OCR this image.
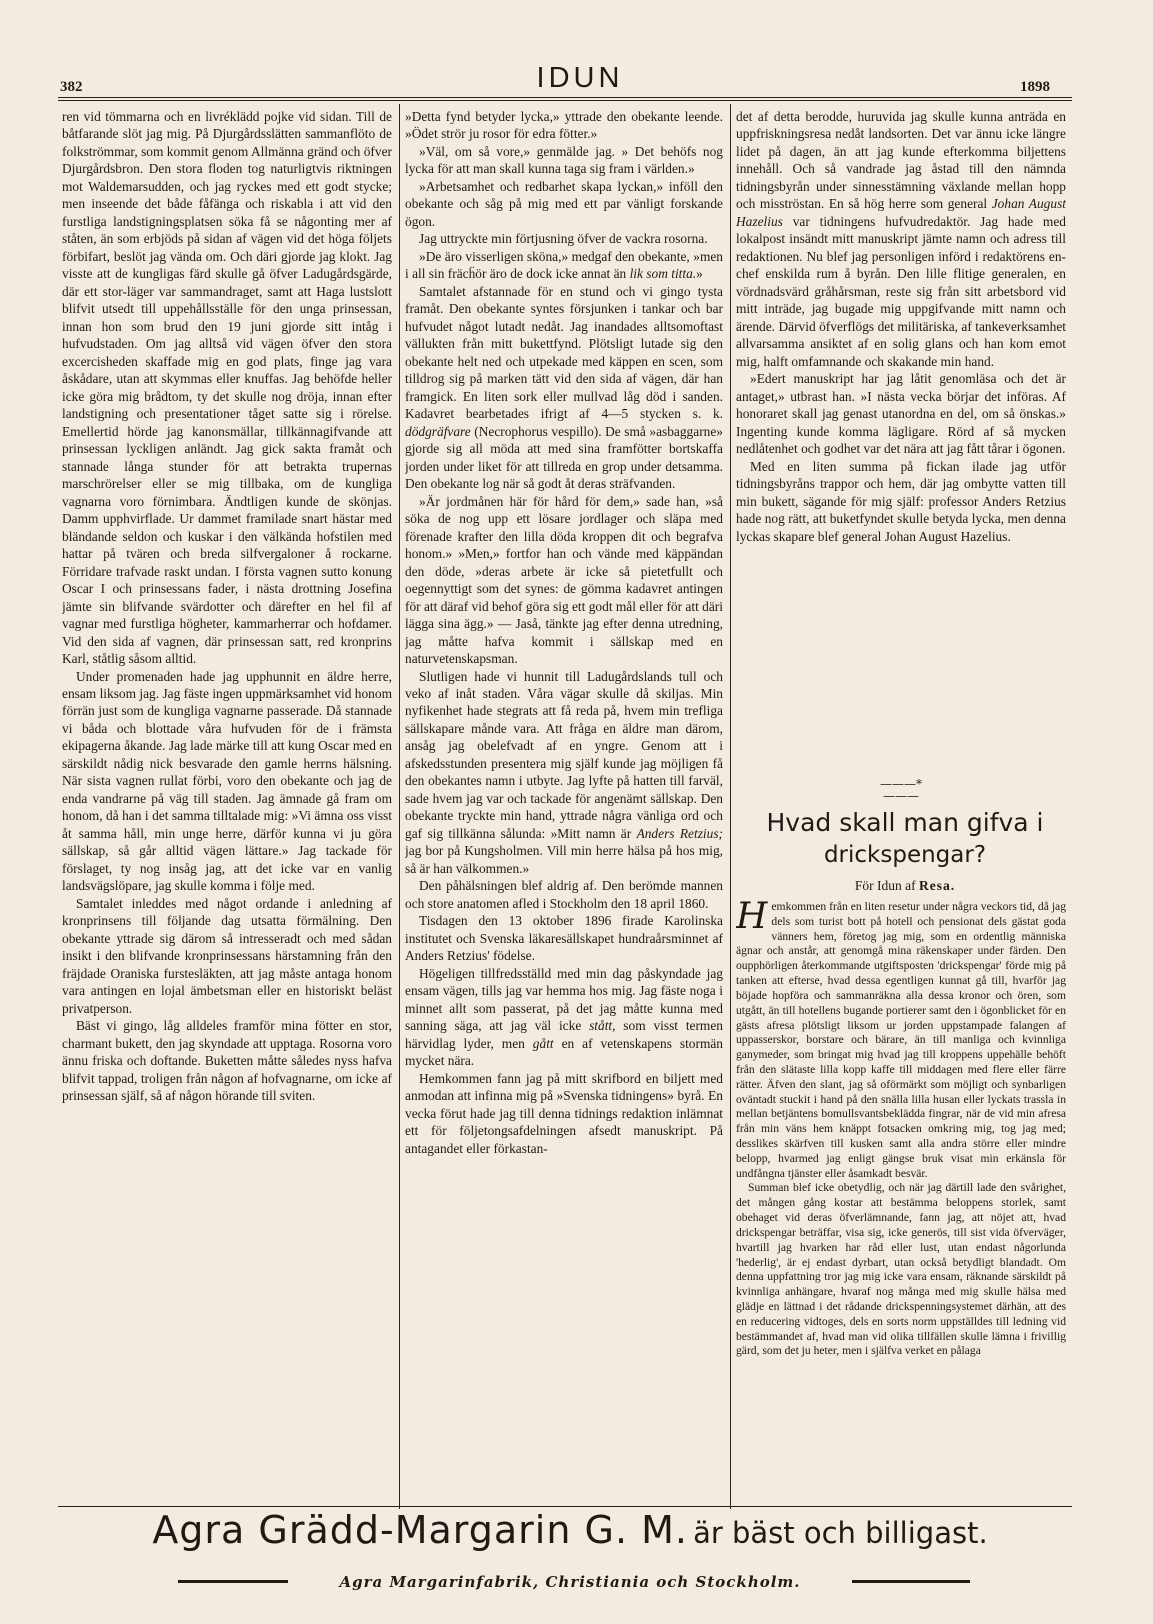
382	IDUN	1898

ren vid tömmarna och en livréklädd pojke vid sidan. Till de båtfarande slöt jag mig. På Djurgårdsslätten sammanflöto de folkströmmar, som kommit genom Allmänna gränd och öfver Djurgårdsbron. Den stora floden tog naturligtvis riktningen mot Waldemarsudden, och jag ryckes med ett godt stycke; men inseende det både fåfänga och riskabla i att vid den furstliga landstigningsplatsen söka få se någonting mer af ståten, än som erbjöds på sidan af vägen vid det höga följets förbifart, beslöt jag vända om. Och däri gjorde jag klokt. Jag visste att de kungligas färd skulle gå öfver Ladugårdsgärde, där ett stor-läger var sammandraget, samt att Haga lustslott blifvit utsedt till uppehållsställe för den unga prinsessan, innan hon som brud den 19 juni gjorde sitt intåg i hufvudstaden. Om jag alltså vid vägen öfver den stora excercisheden skaffade mig en god plats, finge jag vara åskådare, utan att skymmas eller knuffas. Jag behöfde heller icke göra mig brådtom, ty det skulle nog dröja, innan efter landstigning och presentationer tåget satte sig i rörelse. Emellertid hörde jag kanonsmällar, tillkännagifvande att prinsessan lyckligen anländt. Jag gick sakta framåt och stannade långa stunder för att betrakta trupernas marschrörelser eller se mig tillbaka, om de kungliga vagnarna voro förnimbara. Ändtligen kunde de skönjas. Damm upphvirflade. Ur dammet framilade snart hästar med bländande seldon och kuskar i den välkända hofstilen med hattar på tvären och breda silfvergaloner å rockarne. Förridare trafvade raskt undan. I första vagnen sutto konung Oscar I och prinsessans fader, i nästa drottning Josefina jämte sin blifvande svärdotter och därefter en hel fil af vagnar med furstliga högheter, kammarherrar och hofdamer. Vid den sida af vagnen, där prinsessan satt, red kronprins Karl, ståtlig såsom alltid.

Under promenaden hade jag upphunnit en äldre herre, ensam liksom jag. Jag fäste ingen uppmärksamhet vid honom förrän just som de kungliga vagnarne passerade. Då stannade vi båda och blottade våra hufvuden för de i främsta ekipagerna åkande. Jag lade märke till att kung Oscar med en särskildt nådig nick besvarade den gamle herrns hälsning. När sista vagnen rullat förbi, voro den obekante och jag de enda vandrarne på väg till staden. Jag ämnade gå fram om honom, då han i det samma tilltalade mig: »Vi ämna oss visst åt samma håll, min unge herre, därför kunna vi ju göra sällskap, så går alltid vägen lättare.» Jag tackade för förslaget, ty nog insåg jag, att det icke var en vanlig landsvägslöpare, jag skulle komma i följe med.

Samtalet inleddes med något ordande i anledning af kronprinsens till följande dag utsatta förmälning. Den obekante yttrade sig därom så intresseradt och med sådan insikt i den blifvande kronprinsessans härstamning från den fräjdade Oraniska furstesläkten, att jag måste antaga honom vara antingen en lojal ämbetsman eller en historiskt beläst privatperson.

Bäst vi gingo, låg alldeles framför mina fötter en stor, charmant bukett, den jag skyndade att upptaga. Rosorna voro ännu friska och doftande. Buketten måtte således nyss hafva blifvit tappad, troligen från någon af hofvagnarne, om icke af prinsessan själf, så af någon hörande till sviten.

»Detta fynd betyder lycka,» yttrade den obekante leende. »Ödet strör ju rosor för edra fötter.»

»Väl, om så vore,» genmälde jag. » Det behöfs nog lycka för att man skall kunna taga sig fram i världen.»

»Arbetsamhet och redbarhet skapa lyckan,» inföll den obekante och såg på mig med ett par vänligt forskande ögon.

Jag uttryckte min förtjusning öfver de vackra rosorna.

»De äro visserligen sköna,» medgaf den obekante, »men i all sin fräcḧör äro de dock icke annat än lik som titta.»

Samtalet afstannade för en stund och vi gingo tysta framåt. Den obekante syntes försjunken i tankar och bar hufvudet något lutadt nedåt. Jag inandades alltsomoftast vällukten från mitt bukettfynd. Plötsligt lutade sig den obekante helt ned och utpekade med käppen en scen, som tilldrog sig på marken tätt vid den sida af vägen, där han framgick. En liten sork eller mullvad låg död i sanden. Kadavret bearbetades ifrigt af 4—5 stycken s. k. dödgräfvare (Necrophorus vespillo). De små »asbaggarne» gjorde sig all möda att med sina framfötter bortskaffa jorden under liket för att tillreda en grop under detsamma. Den obekante log när så godt åt deras sträfvanden.

»Är jordmånen här för hård för dem,» sade han, »så söka de nog upp ett lösare jordlager och släpa med förenade krafter den lilla döda kroppen dit och begrafva honom.» »Men,» fortfor han och vände med käppändan den döde, »deras arbete är icke så pietetfullt och oegennyttigt som det synes: de gömma kadavret antingen för att däraf vid behof göra sig ett godt mål eller för att däri lägga sina ägg.» — Jaså, tänkte jag efter denna utredning, jag måtte hafva kommit i sällskap med en naturvetenskapsman.

Slutligen hade vi hunnit till Ladugårdslands tull och veko af inåt staden. Våra vägar skulle då skiljas. Min nyfikenhet hade stegrats att få reda på, hvem min trefliga sällskapare månde vara. Att fråga en äldre man därom, ansåg jag obelefvadt af en yngre. Genom att i afskedsstunden presentera mig själf kunde jag möjligen få den obekantes namn i utbyte. Jag lyfte på hatten till farväl, sade hvem jag var och tackade för angenämt sällskap. Den obekante tryckte min hand, yttrade några vänliga ord och gaf sig tillkänna sålunda: »Mitt namn är Anders Retzius; jag bor på Kungsholmen. Vill min herre hälsa på hos mig, så är han välkommen.»

Den påhälsningen blef aldrig af. Den berömde mannen och store anatomen afled i Stockholm den 18 april 1860.

Tisdagen den 13 oktober 1896 firade Karolinska institutet och Svenska läkaresällskapet hundraårsminnet af Anders Retzius' födelse.

Högeligen tillfredsställd med min dag påskyndade jag ensam vägen, tills jag var hemma hos mig. Jag fäste noga i minnet allt som passerat, på det jag måtte kunna med sanning säga, att jag väl icke stått, som visst termen härvidlag lyder, men gått en af vetenskapens stormän mycket nära.

Hemkommen fann jag på mitt skrifbord en biljett med anmodan att infinna mig på »Svenska tidningens» byrå. En vecka förut hade jag till denna tidnings redaktion inlämnat ett för följetongsafdelningen afsedt manuskript. På antagandet eller förkastan-

det af detta berodde, huruvida jag skulle kunna anträda en uppfriskningsresa nedåt landsorten. Det var ännu icke längre lidet på dagen, än att jag kunde efterkomma biljettens innehåll. Och så vandrade jag åstad till den nämnda tidningsbyrån under sinnesstämning växlande mellan hopp och misströstan. En så hög herre som general Johan August Hazelius var tidningens hufvudredaktör. Jag hade med lokalpost insändt mitt manuskript jämte namn och adress till redaktionen. Nu blef jag personligen införd i redaktörens en-chef enskilda rum å byrån. Den lille flitige generalen, en vördnadsvärd gråhårsman, reste sig från sitt arbetsbord vid mitt inträde, jag bugade mig uppgifvande mitt namn och ärende. Därvid öfverflögs det militäriska, af tankeverksamhet allvarsamma ansiktet af en solig glans och han kom emot mig, halft omfamnande och skakande min hand.

»Edert manuskript har jag låtit genomläsa och det är antaget,» utbrast han. »I nästa vecka börjar det införas. Af honoraret skall jag genast utanordna en del, om så önskas.» Ingenting kunde komma lägligare. Rörd af så mycken nedlåtenhet och godhet var det nära att jag fått tårar i ögonen.

Med en liten summa på fickan ilade jag utför tidningsbyråns trappor och hem, där jag ombytte vatten till min bukett, sägande för mig själf: professor Anders Retzius hade nog rätt, att buketfyndet skulle betyda lycka, men denna lyckas skapare blef general Johan August Hazelius.

———*———
Hvad skall man gifva i
drickspengar?
För Idun af Resa.

Hemkommen från en liten resetur under några veckors tid, då jag dels som turist bott på hotell och pensionat dels gästat goda vänners hem, företog jag mig, som en ordentlig människa ägnar och anstår, att genomgå mina räkenskaper under färden. Den oupphörligen återkommande utgiftsposten 'drickspengar' förde mig på tanken att efterse, hvad dessa egentligen kunnat gå till, hvarför jag böjade hopföra och sammanräkna alla dessa kronor och ören, som utgått, än till hotellens bugande portierer samt den i ögonblicket för en gästs afresa plötsligt liksom ur jorden uppstampade falangen af uppasserskor, borstare och bärare, än till manliga och kvinnliga ganymeder, som bringat mig hvad jag till kroppens uppehälle behöft från den slätaste lilla kopp kaffe till middagen med flere eller färre rätter. Äfven den slant, jag så oförmärkt som möjligt och synbarligen oväntadt stuckit i hand på den snälla lilla husan eller lyckats trassla in mellan betjäntens bomullsvantsbeklädda fingrar, när de vid min afresa från min väns hem knäppt fotsacken omkring mig, tog jag med; desslikes skärfven till kusken samt alla andra större eller mindre belopp, hvarmed jag enligt gängse bruk visat min erkänsla för undfångna tjänster eller åsamkadt besvär.

Summan blef icke obetydlig, och när jag därtill lade den svårighet, det mången gång kostar att bestämma beloppens storlek, samt obehaget vid deras öfverlämnande, fann jag, att nöjet att, hvad drickspengar beträffar, visa sig, icke generös, till sist vida öfverväger, hvartill jag hvarken har råd eller lust, utan endast någorlunda 'hederlig', är ej endast dyrbart, utan också betydligt blandadt. Om denna uppfattning tror jag mig icke vara ensam, räknande särskildt på kvinnliga anhängare, hvaraf nog många med mig skulle hälsa med glädje en lättnad i det rådande drickspenningsystemet därhän, att des en reducering vidtoges, dels en sorts norm uppställdes till ledning vid bestämmandet af, hvad man vid olika tillfällen skulle lämna i frivillig gärd, som det ju heter, men i själfva verket en pålaga

Agra Grädd-Margarin G. M. är bäst och billigast.
Agra Margarinfabrik, Christiania och Stockholm.
